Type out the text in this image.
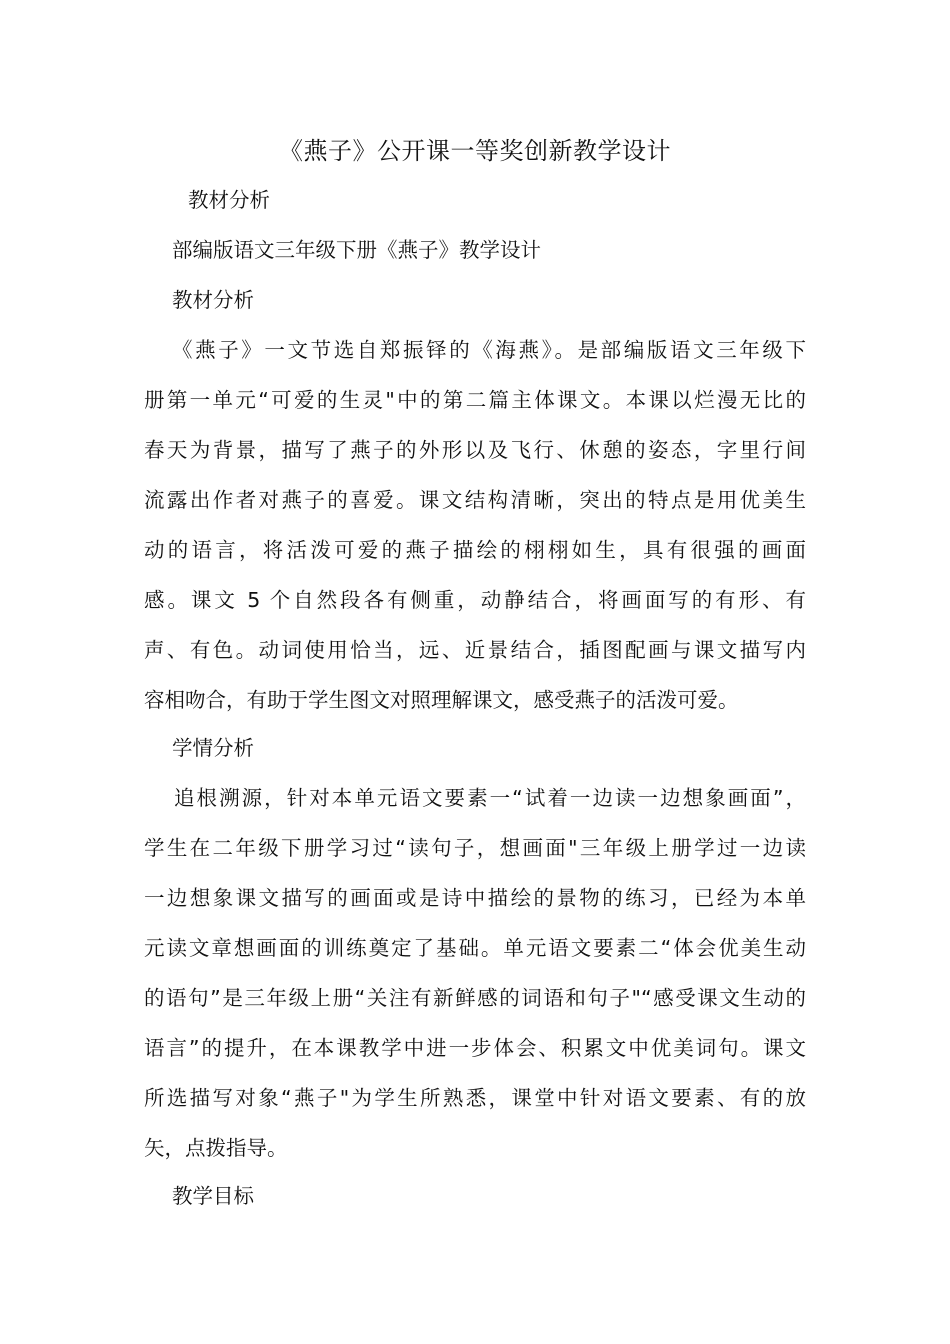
《燕子》公开课一等奖创新教学设计
教材分析
部编版语文三年级下册《燕子》教学设计
教材分析
《燕子》一文节选自郑振铎的《海燕》。是部编版语文三年级下
册第一单元“可爱的生灵"中的第二篇主体课文。本课以烂漫无比的
春天为背景，描写了燕子的外形以及飞行、休憩的姿态，字里行间
流露出作者对燕子的喜爱。课文结构清晰，突出的特点是用优美生
动的语言，将活泼可爱的燕子描绘的栩栩如生，具有很强的画面
感。课文 5 个自然段各有侧重，动静结合，将画面写的有形、有
声、有色。动词使用恰当，远、近景结合，插图配画与课文描写内
容相吻合，有助于学生图文对照理解课文，感受燕子的活泼可爱。
学情分析
追根溯源，针对本单元语文要素一“试着一边读一边想象画面”，
学生在二年级下册学习过“读句子，想画面"三年级上册学过一边读
一边想象课文描写的画面或是诗中描绘的景物的练习，已经为本单
元读文章想画面的训练奠定了基础。单元语文要素二“体会优美生动
的语句”是三年级上册“关注有新鲜感的词语和句子"“感受课文生动的
语言”的提升，在本课教学中进一步体会、积累文中优美词句。课文
所选描写对象“燕子"为学生所熟悉，课堂中针对语文要素、有的放
矢，点拨指导。
教学目标
